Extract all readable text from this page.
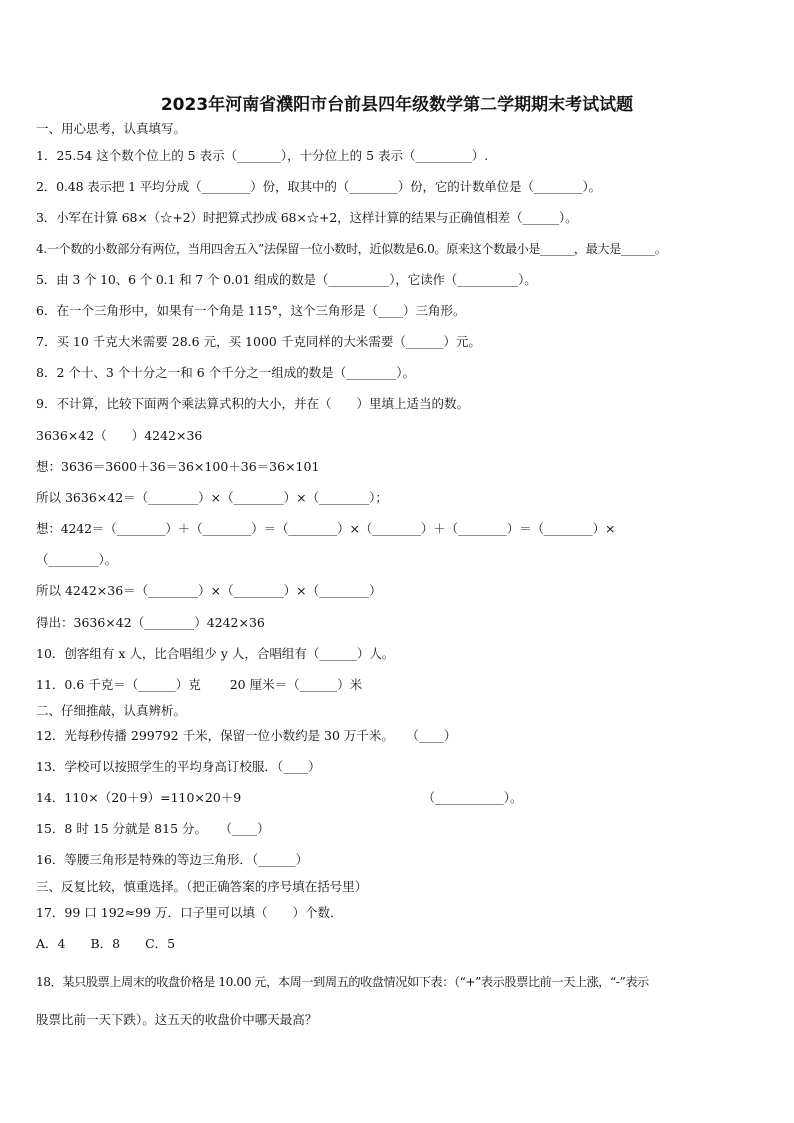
2023年河南省濮阳市台前县四年级数学第二学期期末考试试题
一、用心思考，认真填写。
1．25.54 这个数个位上的 5 表示（_______），十分位上的 5 表示（_________）.
2．0.48 表示把 1 平均分成（________）份，取其中的（________）份，它的计数单位是（________）。
3．小军在计算 68×（☆+2）时把算式抄成 68×☆+2，这样计算的结果与正确值相差（______）。
4.一个数的小数部分有两位，当用四舍五入”法保留一位小数时，近似数是6.0。原来这个数最小是______，最大是______。
5．由 3 个 10、6 个 0.1 和 7 个 0.01 组成的数是（__________），它读作（__________）。
6．在一个三角形中，如果有一个角是 115°，这个三角形是（____）三角形。
7．买 10 千克大米需要 28.6 元，买 1000 千克同样的大米需要（______）元。
8．2 个十、3 个十分之一和 6 个千分之一组成的数是（________）。
9．不计算，比较下面两个乘法算式积的大小，并在（　　）里填上适当的数。
3636×42（　　）4242×36
想：3636＝3600＋36＝36×100＋36＝36×101
所以 3636×42＝（________）×（________）×（________）；
想：4242＝（________）＋（________）＝（________）×（________）＋（________）＝（________）×
（________）。
所以 4242×36＝（________）×（________）×（________）
得出：3636×42（________）4242×36
10．创客组有 x 人，比合唱组少 y 人，合唱组有（______）人。
11．0.6 千克＝（______）克　　 20 厘米＝（______）米
二、仔细推敲，认真辨析。
12．光每秒传播 299792 千米，保留一位小数约是 30 万千米。　　（____）
13．学校可以按照学生的平均身高订校服．（____）
14．110×（20＋9）=110×20＋9　　　　　　　　　　　　　　　（___________）。
15．8 时 15 分就是 815 分。　　（____）
16．等腰三角形是特殊的等边三角形．（______）
三、反复比较，慎重选择。（把正确答案的序号填在括号里）
17．99 口 192≈99 万．口子里可以填（　　）个数．
A．4　　B．8　　C．5
18．某只股票上周末的收盘价格是 10.00 元，本周一到周五的收盘情况如下表：（“+”表示股票比前一天上涨，“-”表示
股票比前一天下跌）。这五天的收盘价中哪天最高？
